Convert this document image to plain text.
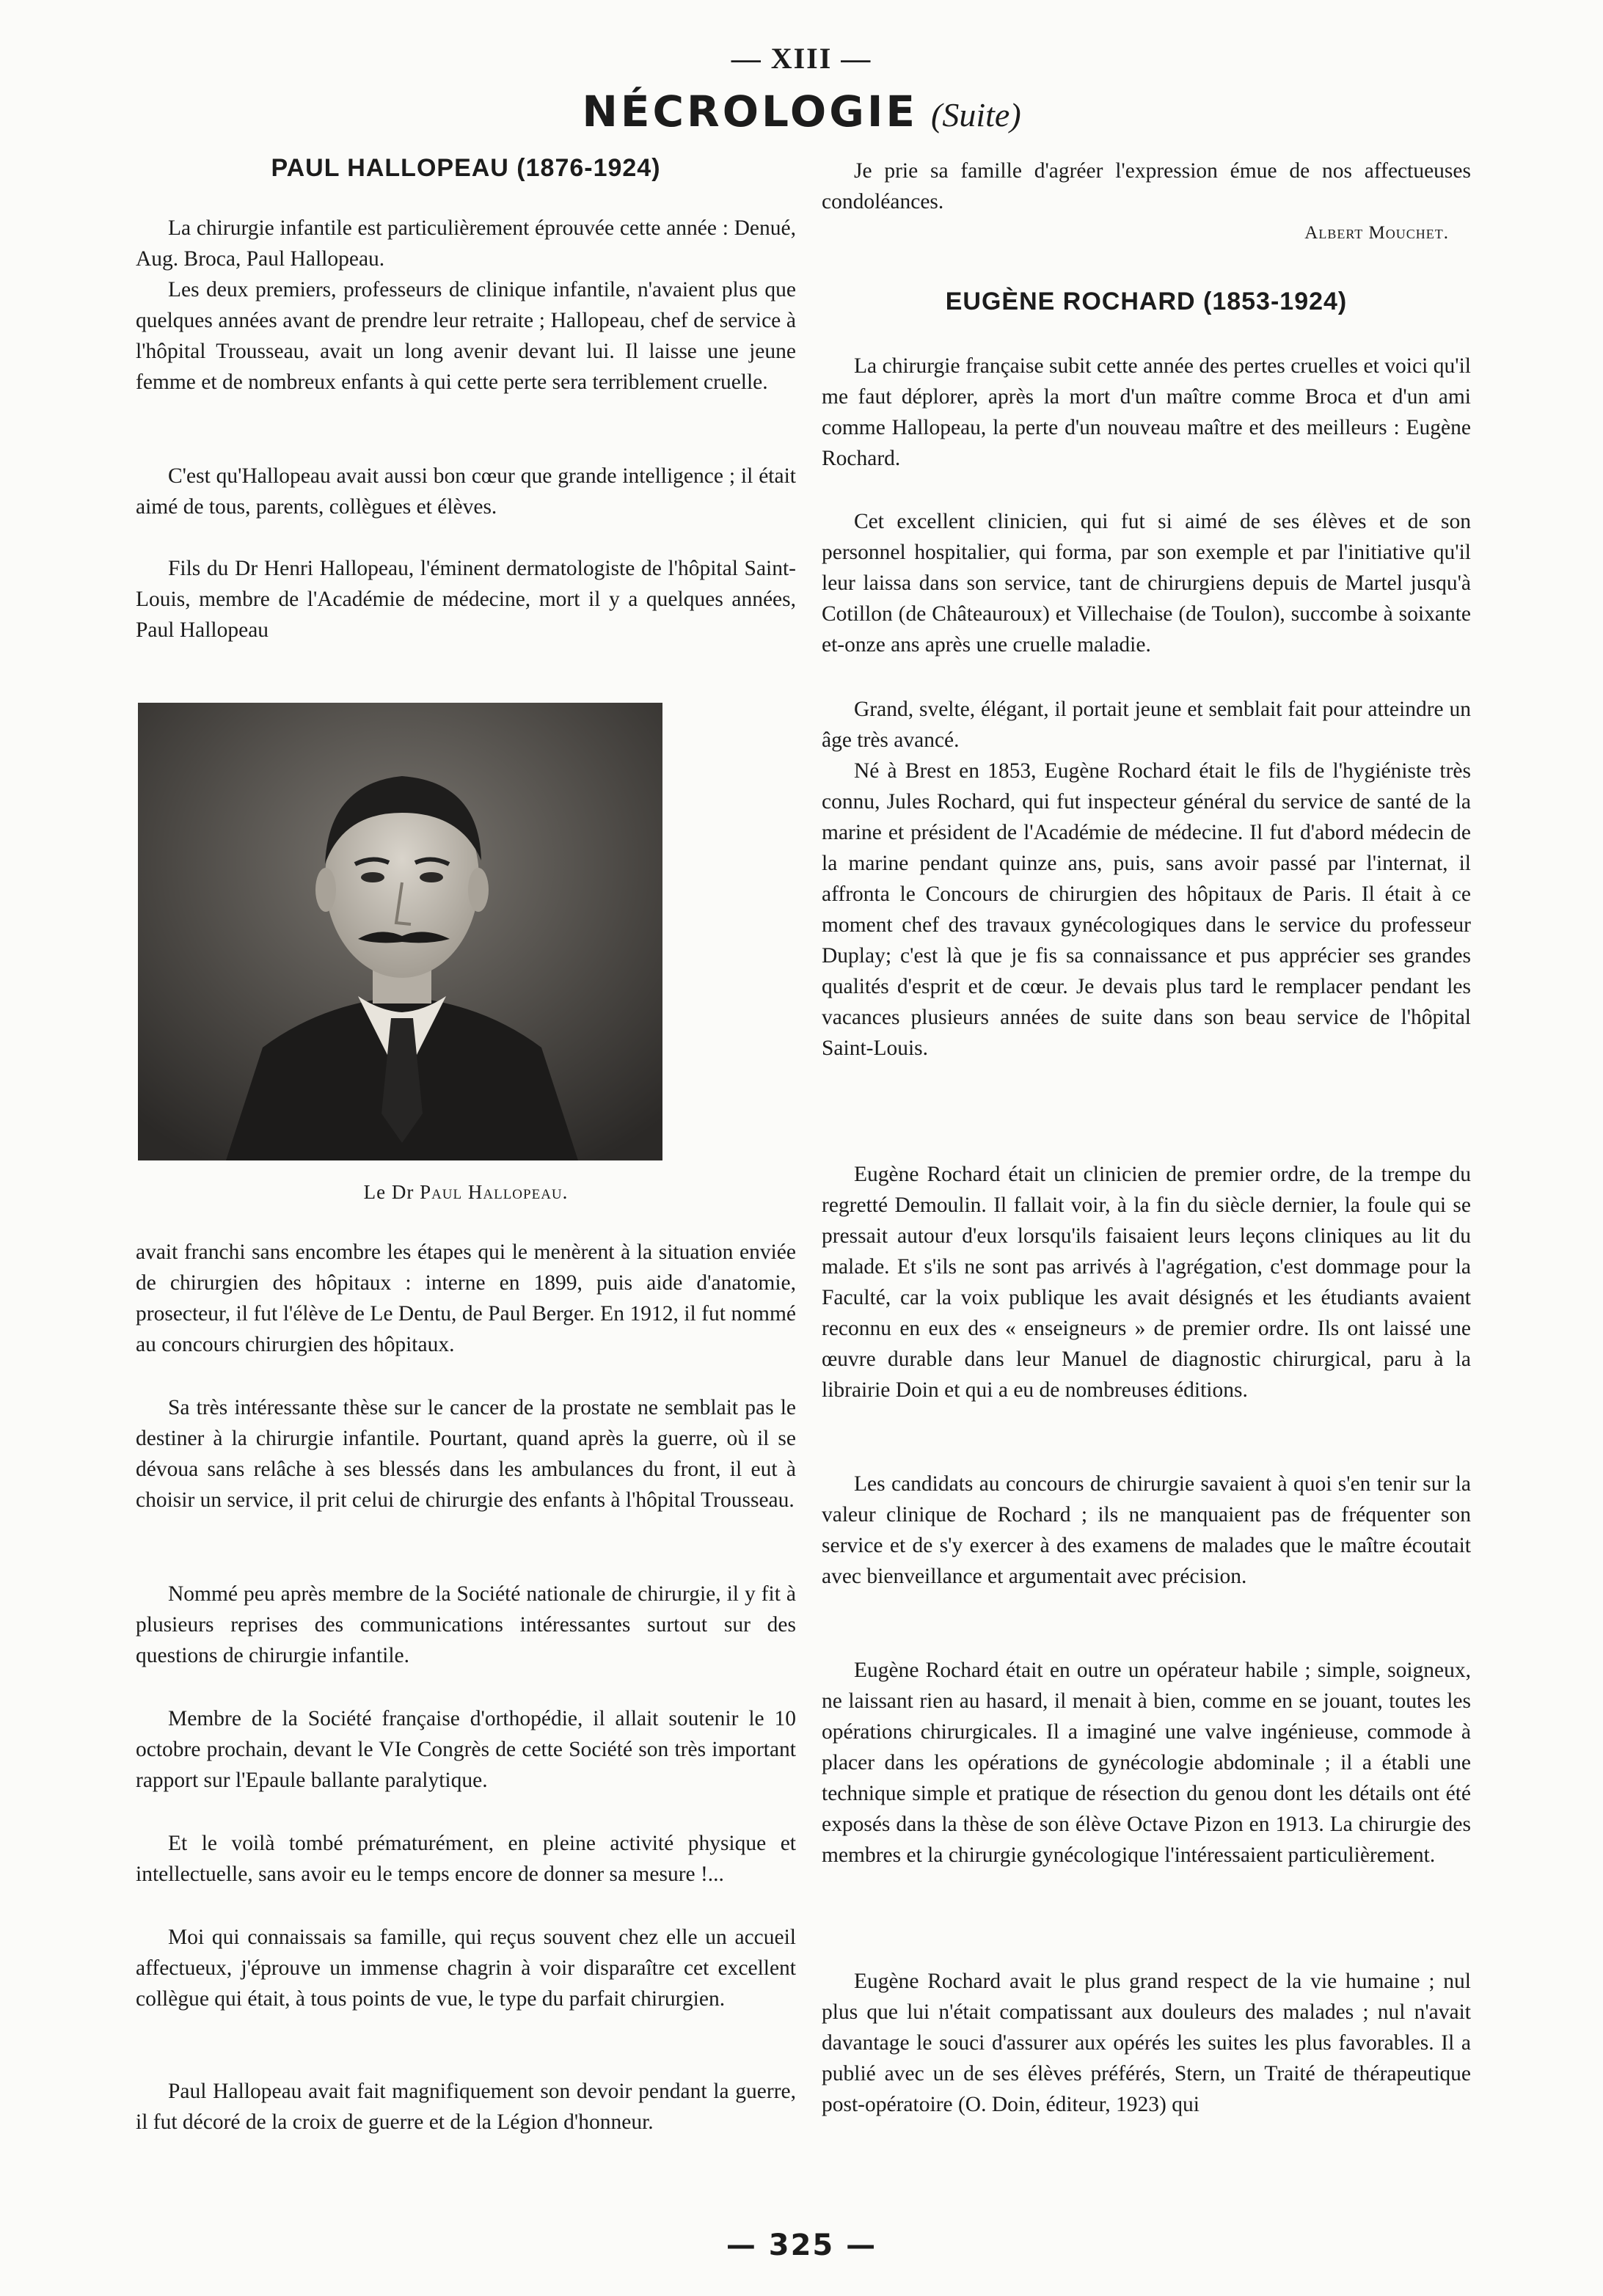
— XIII —
NÉCROLOGIE (Suite)
PAUL HALLOPEAU (1876-1924)

La chirurgie infantile est particulièrement éprouvée cette année : Denué, Aug. Broca, Paul Hallopeau.

Les deux premiers, professeurs de clinique infantile, n'avaient plus que quelques années avant de prendre leur retraite ; Hallopeau, chef de service à l'hôpital Trousseau, avait un long avenir devant lui. Il laisse une jeune femme et de nombreux enfants à qui cette perte sera terriblement cruelle.

C'est qu'Hallopeau avait aussi bon cœur que grande intelligence ; il était aimé de tous, parents, collègues et élèves.

Fils du Dr Henri Hallopeau, l'éminent dermatologiste de l'hôpital Saint-Louis, membre de l'Académie de médecine, mort il y a quelques années, Paul Hallopeau

Le Dr Paul Hallopeau.

avait franchi sans encombre les étapes qui le menèrent à la situation enviée de chirurgien des hôpitaux : interne en 1899, puis aide d'anatomie, prosecteur, il fut l'élève de Le Dentu, de Paul Berger. En 1912, il fut nommé au concours chirurgien des hôpitaux.

Sa très intéressante thèse sur le cancer de la prostate ne semblait pas le destiner à la chirurgie infantile. Pourtant, quand après la guerre, où il se dévoua sans relâche à ses blessés dans les ambulances du front, il eut à choisir un service, il prit celui de chirurgie des enfants à l'hôpital Trousseau.

Nommé peu après membre de la Société nationale de chirurgie, il y fit à plusieurs reprises des communications intéressantes surtout sur des questions de chirurgie infantile.

Membre de la Société française d'orthopédie, il allait soutenir le 10 octobre prochain, devant le VIe Congrès de cette Société son très important rapport sur l'Epaule ballante paralytique.

Et le voilà tombé prématurément, en pleine activité physique et intellectuelle, sans avoir eu le temps encore de donner sa mesure !...

Moi qui connaissais sa famille, qui reçus souvent chez elle un accueil affectueux, j'éprouve un immense chagrin à voir disparaître cet excellent collègue qui était, à tous points de vue, le type du parfait chirurgien.

Paul Hallopeau avait fait magnifiquement son devoir pendant la guerre, il fut décoré de la croix de guerre et de la Légion d'honneur.

Je prie sa famille d'agréer l'expression émue de nos affectueuses condoléances.

Albert Mouchet.
EUGÈNE ROCHARD (1853-1924)

La chirurgie française subit cette année des pertes cruelles et voici qu'il me faut déplorer, après la mort d'un maître comme Broca et d'un ami comme Hallopeau, la perte d'un nouveau maître et des meilleurs : Eugène Rochard.

Cet excellent clinicien, qui fut si aimé de ses élèves et de son personnel hospitalier, qui forma, par son exemple et par l'initiative qu'il leur laissa dans son service, tant de chirurgiens depuis de Martel jusqu'à Cotillon (de Châteauroux) et Villechaise (de Toulon), succombe à soixante et-onze ans après une cruelle maladie.

Grand, svelte, élégant, il portait jeune et semblait fait pour atteindre un âge très avancé.

Né à Brest en 1853, Eugène Rochard était le fils de l'hygiéniste très connu, Jules Rochard, qui fut inspecteur général du service de santé de la marine et président de l'Académie de médecine. Il fut d'abord médecin de la marine pendant quinze ans, puis, sans avoir passé par l'internat, il affronta le Concours de chirurgien des hôpitaux de Paris. Il était à ce moment chef des travaux gynécologiques dans le service du professeur Duplay; c'est là que je fis sa connaissance et pus apprécier ses grandes qualités d'esprit et de cœur. Je devais plus tard le remplacer pendant les vacances plusieurs années de suite dans son beau service de l'hôpital Saint-Louis.

Eugène Rochard était un clinicien de premier ordre, de la trempe du regretté Demoulin. Il fallait voir, à la fin du siècle dernier, la foule qui se pressait autour d'eux lorsqu'ils faisaient leurs leçons cliniques au lit du malade. Et s'ils ne sont pas arrivés à l'agrégation, c'est dommage pour la Faculté, car la voix publique les avait désignés et les étudiants avaient reconnu en eux des « enseigneurs » de premier ordre. Ils ont laissé une œuvre durable dans leur Manuel de diagnostic chirurgical, paru à la librairie Doin et qui a eu de nombreuses éditions.

Les candidats au concours de chirurgie savaient à quoi s'en tenir sur la valeur clinique de Rochard ; ils ne manquaient pas de fréquenter son service et de s'y exercer à des examens de malades que le maître écoutait avec bienveillance et argumentait avec précision.

Eugène Rochard était en outre un opérateur habile ; simple, soigneux, ne laissant rien au hasard, il menait à bien, comme en se jouant, toutes les opérations chirurgicales. Il a imaginé une valve ingénieuse, commode à placer dans les opérations de gynécologie abdominale ; il a établi une technique simple et pratique de résection du genou dont les détails ont été exposés dans la thèse de son élève Octave Pizon en 1913. La chirurgie des membres et la chirurgie gynécologique l'intéressaient particulièrement.

Eugène Rochard avait le plus grand respect de la vie humaine ; nul plus que lui n'était compatissant aux douleurs des malades ; nul n'avait davantage le souci d'assurer aux opérés les suites les plus favorables. Il a publié avec un de ses élèves préférés, Stern, un Traité de thérapeutique post-opératoire (O. Doin, éditeur, 1923) qui

— 325 —
